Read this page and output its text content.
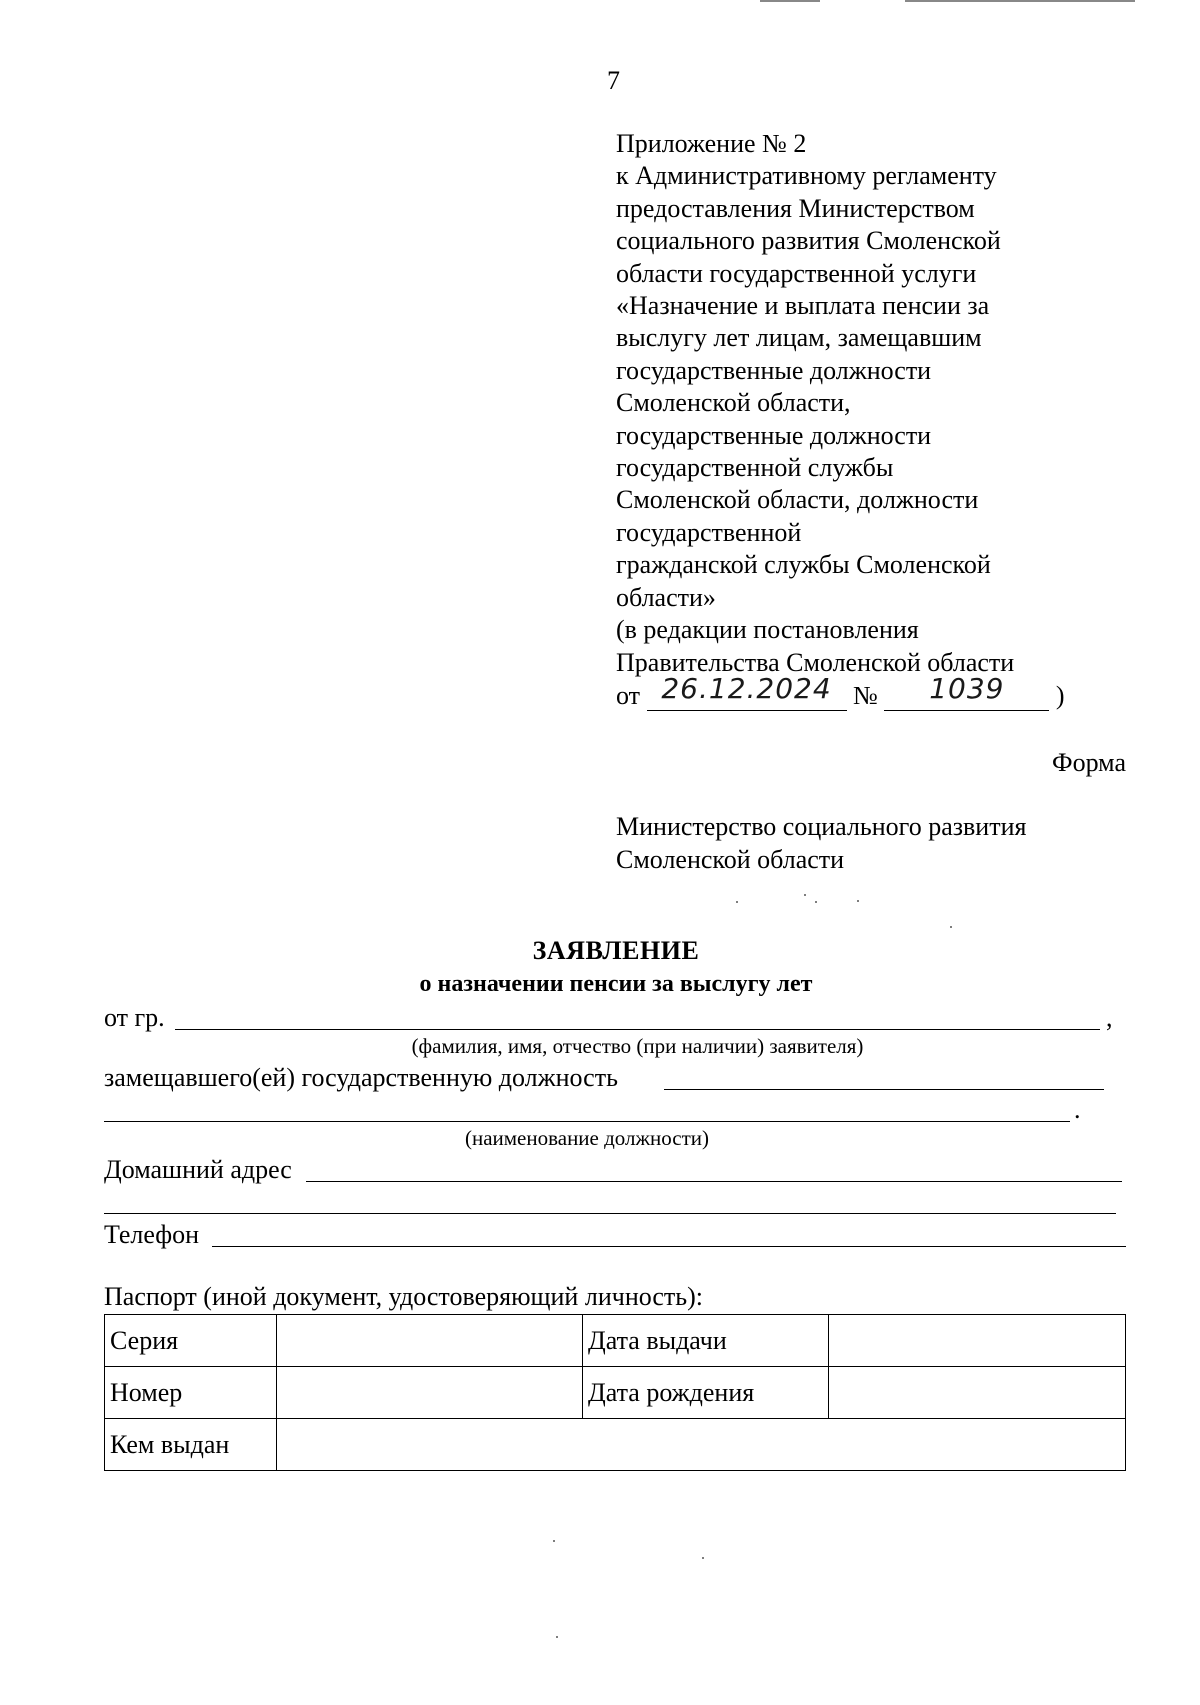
7
Приложение № 2
к Административному регламенту
предоставления Министерством
социального развития Смоленской
области государственной услуги
«Назначение и выплата пенсии за
выслугу лет лицам, замещавшим
государственные должности
Смоленской области,
государственные должности
государственной службы
Смоленской области, должности
государственной
гражданской службы Смоленской
области»
(в редакции постановления
Правительства Смоленской области
от 26.12.2024 № 1039 )
Форма
Министерство социального развития
Смоленской области
ЗАЯВЛЕНИЕ
о назначении пенсии за выслугу лет
от гр.	,
(фамилия, имя, отчество (при наличии) заявителя)
замещавшего(ей) государственную должность
.
(наименование должности)
Домашний адрес
Телефон
Паспорт (иной документ, удостоверяющий личность):
Серия		Дата выдачи	
Номер		Дата рождения	
Кем выдан			
